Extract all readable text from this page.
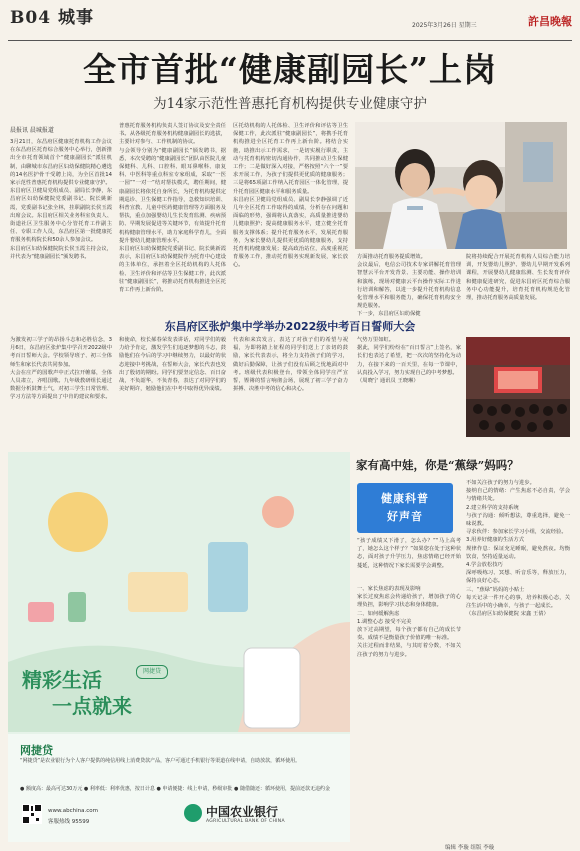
B04 城事	2025年3月26日 星期三	許昌晚報
全市首批“健康副园长”上岗
为14家示范性普惠托育机构提供专业健康守护
晨报讯 晨城报道
3月21日，东昌府区健康托育机构工作会议在东昌府区托育综合服务中心举行，创新推出全市托育领域首个“健康副园长”派驻机制，由聊城市东昌府区妇幼保健院精心遴选的14名医护骨干受聘上岗，为全区首批14家示范性普惠托育机构提供专业健康守护。
东昌府区卫健局党组成员、副局长李静，东昌府区妇幼保健院党委副书记、院长姚新霞，党委副书记张全林，挂职副院长侯玉霞出席会议。东昌府区相关业务科室负责人、街道社区卫生服务中心分管托育工作副主任、专职工作人员，东昌府区第一批健康托育服务机构院长和50余人参加会议。
东昌府区妇幼保健院院长侯玉霞主持会议，并代表为“健康副园长”颁发聘书。
普惠托育服务机构负责人签订协议及安全责任书。从各级托育服务机构健康副园长的选拔，主要针对参与、工作机制的协议。
与会领导分别为“健康副园长”颁发聘书，据悉，本次受聘的“健康副园长”团队由医院儿童保健科、儿科、口腔科、眼耳鼻喉科、康复科、中医科等重点科室专家组成，采取“一医一园”“一对一”结对帮扶模式，聘任期间，健康副园长将依托自身所长，为托育机构提供定期巡诊、卫生保健工作指导，急救知识培训、科普宣教、儿童中医药健康管理等方面服务及帮扶，重点加强婴幼儿生长发育监测、疾病预防、早期发展促进等关键环节，有效提升托育机构健康管理水平，助力家庭科学育儿，全面提升婴幼儿健康管理水平。
东昌府区妇幼保健院党委副书记、院长姚新霞表示，东昌府区妇幼保健院作为托育中心建设的主体单位，承担着全区托幼机构的人托体检、卫生评价和评估等卫生保健工作，此次派驻“健康副园长”，将推动托育机构推进全区托育工作再上新台阶。
区托幼机构的人托体检、卫生评价和评估等卫生保健工作，此次派驻“健康副园长”，将携手托育机构推进全区托育工作再上新台阶。将结合实施，助推出示工作需求，一是切实履行职责，主动与托育机构密切沟通协作，共同推动卫生保健工作；二是做好深入对接，严格按照“六个一”要求开展工作，为孩子们提供更优质的健康服务；三是将65项副工作纳入托育园区一体化管理，提升托育园区健康水平和服务质量。
东昌府区卫健局党组成员、副局长李静强调了近几年全区托育工作取得的成绩，分析存在问题和面临的形势，强调将认真落实，高质量推进婴幼儿健康照护；提高健康服务水平，建立健全托育服务支撑体系；提升托育服务水平，发展托育服务，为家长婴幼儿提供更优质的健康服务，支持托育机构健康发展；提高政治站位，高度重视托育服务工作，推动托育服务实现新发展，家长放心。
方面推动托育服务提质增效。
会议最后，电信公司技术专家讲解托育管理智慧云平台开发背景、主要功能、操作培训和演练，现场对健康云平台操作实际工作进行培训和解答，以进一步提升托育机构信息化管理水平和服务能力，确保托育机构安全规范服务。
下一步，东昌府区妇幼保健
院将持续配合开展托育机构人员综合能力培训，开发婴幼儿照护、婴幼儿早期开发系列课程，开展婴幼儿健康监测、生长发育评价和健康促进研究，促进东昌府区托育综合服务中心功能提升，培育托育机构规范化管理，推动托育服务高质量发展。
东昌府区张炉集中学举办2022级中考百日誓师大会
为激发初三学子的昂扬斗志和必胜信念，3月6日，东昌府区张炉集中学召开2022级中考百日誓师大会。学校领导班子、初三全体师生和家长代表共同参加。
大会在庄严的国歌声中正式拉开帷幕，全体人员肃立，齐唱国歌。九年级教研组长通过数据分析鼓舞士气，对初三学生日常管理、学习方法等方面提出了中肯的建议和要求。
和使命，校长郝春荣发表讲话，对同学们的毅力给予肯定，激发学生们追逐梦想的斗志，鼓励他们在今后的学习中继续努力，以最好的状态迎接中考挑战，在誓师大会，家长代表也发出了殷切的期盼。同学们要坚定信念、百日奋战，不负韶华，不负青春，表达了对同学们的美好期许，勉励他们在中考中取得优异成绩。
代表和来宾发言，表达了对孩子们的希望与祝福，为即将踏上征程的同学们送上了亲切的鼓励，家长代表表示，将全力支持孩子们的学习，做好后勤保障，让孩子们没有后顾之忧地面对中考。班级代表积极登台，带领全体同学庄严宣誓，铿锵的誓言响彻会场，展现了初三学子奋力拼搏、决胜中考的信心和决心。
气势万里如虹。
据此，同学们纷纷在“百日誓言”上签名，家长们也表达了希望，把一次次的坚持化为动力，在接下来的一百天里，在每一节课中，认真投入学习，努力实现自己的中考梦想。
（周晓宁 通讯员 王晓琳）
精彩生活
一点就来
网捷贷
网捷贷
“网捷贷”是农业银行为个人客户提供的纯信用线上消费贷款产品，客户可通过手机银行等渠道在线申请，自助放款，循环使用。
● 额度高：最高可达30万元 ● 利率低：利率优惠，按日计息 ● 申请便捷：线上申请，秒级审批 ● 随借随还：循环使用，提前还款无违约金
www.abchina.com
客服热线 95599
中国农业银行
AGRICULTURAL BANK OF CHINA
家有高中娃，你是“蕉绿”妈吗？
健康科普
好声音
“孩子成绩又下滑了，怎么办？”“马上高考了，她怎么这个样子？”如果您在处于这种状态，面对孩子升学压力，焦虑情绪已经开始蔓延，这种情况下家长需要学会调整。
一、家长焦虑的表现及影响
家长过度焦虑会传递给孩子，增加孩子的心理负担，影响学习状态和身体健康。
二、如何缓解焦虑
1.调整心态 接受不完美
放下过高期望，每个孩子都有自己的成长节奏。成绩不是衡量孩子价值的唯一标准。
关注过程而非结果，与其盯着分数，不如关注孩子的努力与进步。
不如关注孩子的努力与进步。
接纳自己的情绪：产生焦虑不必自责，学会与情绪共处。
2.建立科学的支持系统
与孩子沟通：倾听想法，尊重选择，避免一味说教。
寻求伙伴：参加家长学习小组，交流经验。
3.用养好健康的生活方式
规律作息：保证充足睡眠，避免熬夜。均衡饮食，坚持适量运动。
4.学会放松技巧
深呼吸练习、冥想、听音乐等，释放压力，保持良好心态。
三、“蕉绿”妈妈的小贴士
每天记录一件开心的事，培养积极心态，关注生活中的小确幸，与孩子一起成长。
（东昌府区妇幼保健院 宋鑫 王倩）
编辑 李璇 组版 李璇
